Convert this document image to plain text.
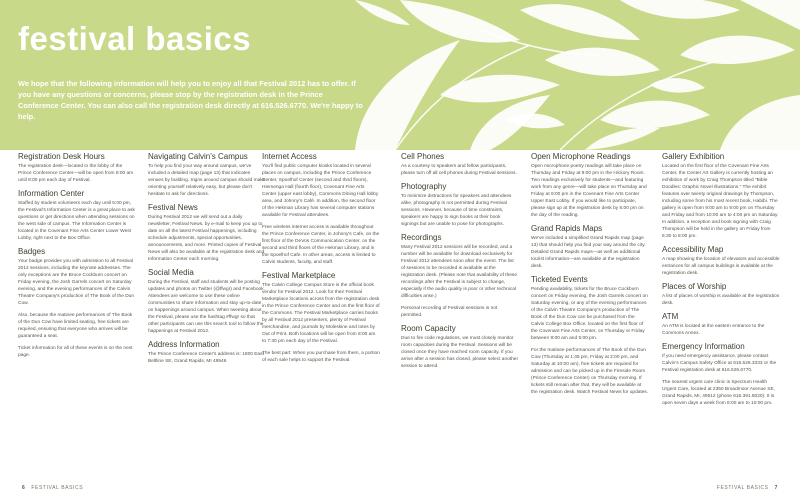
festival basics

We hope that the following information will help you to enjoy all that Festival 2012 has to offer. If you have any questions or concerns, please stop by the registration desk in the Prince Conference Center. You can also call the registration desk directly at 616.526.6770. We're happy to help.

Registration Desk Hours

The registration desk—located in the lobby of the Prince Conference Center—will be open from 8:00 am until 8:00 pm each day of Festival.

Information Center

Staffed by student volunteers each day until 5:00 pm, the Festival's Information Center is a great place to ask questions or get directions when attending sessions on the west side of campus. The Information Center is located in the Covenant Fine Arts Center Lower West Lobby, right next to the Box Office.

Badges

Your badge provides you with admission to all Festival 2012 sessions, including the keynote addresses. The only exceptions are the Bruce Cockburn concert on Friday evening, the Josh Garrels concert on Saturday evening, and the evening performances of the Calvin Theatre Company's production of The Book of the Dun Cow.

Also, because the matinee performances of The Book of the Dun Cow have limited seating, free tickets are required, ensuring that everyone who arrives will be guaranteed a seat.

Ticket information for all of these events is on the next page.

Navigating Calvin's Campus

To help you find your way around campus, we've included a detailed map (page 13) that indicates venues by building. Signs around campus should make orienting yourself relatively easy, but please don't hesitate to ask for directions.

Festival News

During Festival 2012 we will send out a daily newsletter, Festival News, by e-mail to keep you up to date on all the latest Festival happenings, including schedule adjustments, special opportunities, announcements, and more. Printed copies of Festival News will also be available at the registration desk and Information Center each morning.

Social Media

During the Festival, staff and students will be posting updates and photos on Twitter (@ffwgr) and Facebook. Attendees are welcome to use these online communities to share information and stay up-to-date on happenings around campus. When tweeting about the Festival, please use the hashtag #ffwgr so that other participants can use this search tool to follow the happenings at Festival 2012.

Address Information

The Prince Conference Center's address is: 1800 East Beltline SE, Grand Rapids, MI 49546

Internet Access

You'll find public computer kiosks located in several places on campus, including the Prince Conference Center, Spoelhof Center (second and third floors), Hiemenga Hall (fourth floor), Covenant Fine Arts Center (upper east lobby), Commons Dining Hall lobby area, and Johnny's Café. In addition, the second floor of the Hekman Library has several computer stations available for Festival attendees.

Free wireless internet access is available throughout the Prince Conference Center, in Johnny's Cafe, on the first floor of the DeVos Communication Center, on the second and third floors of the Hekman Library, and in the Spoelhof Cafe. In other areas, access is limited to Calvin students, faculty, and staff.

Festival Marketplace

The Calvin College Campus Store is the official book vendor for Festival 2012. Look for their Festival Marketplace locations across from the registration desk in the Prince Conference Center and on the first floor of the Commons. The Festival Marketplace carries books by all Festival 2012 presenters, plenty of Festival merchandise, and journals by Moleskine and totes by Out of Print. Both locations will be open from 8:00 am to 7:30 pm each day of the Festival.

The best part: When you purchase from them, a portion of each sale helps to support the Festival.

Cell Phones

As a courtesy to speakers and fellow participants, please turn off all cell phones during Festival sessions.

Photography

To minimize distractions for speakers and attendees alike, photography is not permitted during Festival sessions. However, because of time constraints, speakers are happy to sign books at their book signings but are unable to pose for photographs.

Recordings

Many Festival 2012 sessions will be recorded, and a number will be available for download exclusively for Festival 2012 attendees soon after the event. The list of sessions to be recorded is available at the registration desk. (Please note that availability of these recordings after the Festival is subject to change, especially if the audio quality is poor or other technical difficulties arise.)

Personal recording of Festival sessions is not permitted.

Room Capacity

Due to fire code regulations, we must closely monitor room capacities during the Festival. Sessions will be closed once they have reached room capacity. If you arrive after a session has closed, please select another session to attend.

Open Microphone Readings

Open microphone poetry readings will take place on Thursday and Friday at 9:00 pm in the Hickory Room. Two readings exclusively for students—and featuring work from any genre—will take place on Thursday and Friday at 9:00 pm in the Covenant Fine Arts Center Upper East Lobby. If you would like to participate, please sign up at the registration desk by 6:00 pm on the day of the reading.

Grand Rapids Maps

We've included a simplified Grand Rapids map (page 13) that should help you find your way around the city. Detailed Grand Rapids maps—as well as additional tourist information—are available at the registration desk.

Ticketed Events

Pending availability, tickets for the Bruce Cockburn concert on Friday evening, the Josh Garrels concert on Saturday evening, or any of the evening performances of the Calvin Theatre Company's production of The Book of the Dun Cow can be purchased from the Calvin College Box Office, located on the first floor of the Covenant Fine Arts Center, on Thursday or Friday between 9:00 am and 5:00 pm.

For the matinee performances of The Book of the Dun Cow (Thursday at 1:45 pm, Friday at 2:00 pm, and Saturday at 10:00 am), free tickets are required for admission and can be picked up in the Fireside Room (Prince Conference Center) on Thursday morning. If tickets still remain after that, they will be available at the registration desk. Watch Festival News for updates.

Gallery Exhibition

Located on the first floor of the Covenant Fine Arts Center, the Center Art Gallery is currently hosting an exhibition of work by Craig Thompson titled "Bible Doodles: Graphic Novel Illustrations." The exhibit features over twenty original drawings by Thompson, including some from his most recent book, Habibi. The gallery is open from 9:00 am to 9:00 pm on Thursday and Friday and from 10:00 am to 4:00 pm on Saturday. In addition, a reception and book signing with Craig Thompson will be held in the gallery on Friday from 6:30 to 8:00 pm.

Accessibility Map

A map showing the location of elevators and accessible entrances for all campus buildings is available at the registration desk.

Places of Worship

A list of places of worship is available at the registration desk.

ATM

An ATM is located at the eastern entrance to the Commons Annex.

Emergency Information

If you need emergency assistance, please contact Calvin's Campus Safety Office at 616.526.3333 or the Festival registration desk at 616.526.6770.

The nearest urgent care clinic is Spectrum Health Urgent Care, located at 2350 Broadmoor Avenue SE, Grand Rapids, MI, 49512 (phone 616.391.8020). It is open seven days a week from 8:00 am to 10:00 pm.

6 FESTIVAL BASICS	FESTIVAL BASICS 7
